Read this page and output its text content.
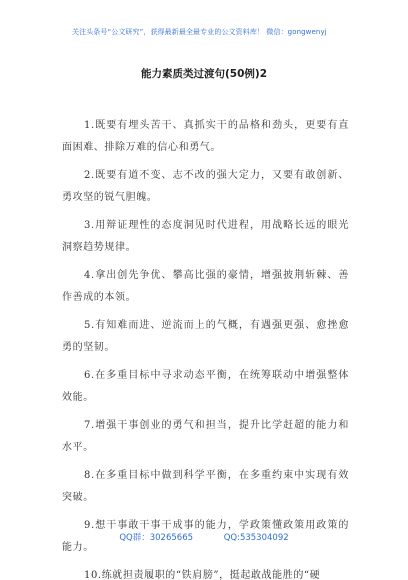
关注头条号“公文研究”，获得最新最全最专业的公文资料库！ 微信：gongwenyj
能力素质类过渡句(50例)2
1.既要有埋头苦干、真抓实干的品格和劲头，更要有直面困难、排除万难的信心和勇气。
2.既要有道不变、志不改的强大定力，又要有敢创新、勇攻坚的锐气胆魄。
3.用辩证理性的态度洞见时代进程，用战略长远的眼光洞察趋势规律。
4.拿出创先争优、攀高比强的豪情，增强披荆斩棘、善作善成的本领。
5.有知难而进、逆流而上的气概，有遇强更强、愈挫愈勇的坚韧。
6.在多重目标中寻求动态平衡，在统筹联动中增强整体效能。
7.增强干事创业的勇气和担当，提升比学赶超的能力和水平。
8.在多重目标中做到科学平衡，在多重约束中实现有效突破。
9.想干事敢干事干成事的能力，学政策懂政策用政策的能力。
10.练就担责履职的“铁肩膀”，挺起敢战能胜的“硬
QQ群：30265665	QQ:535304092
